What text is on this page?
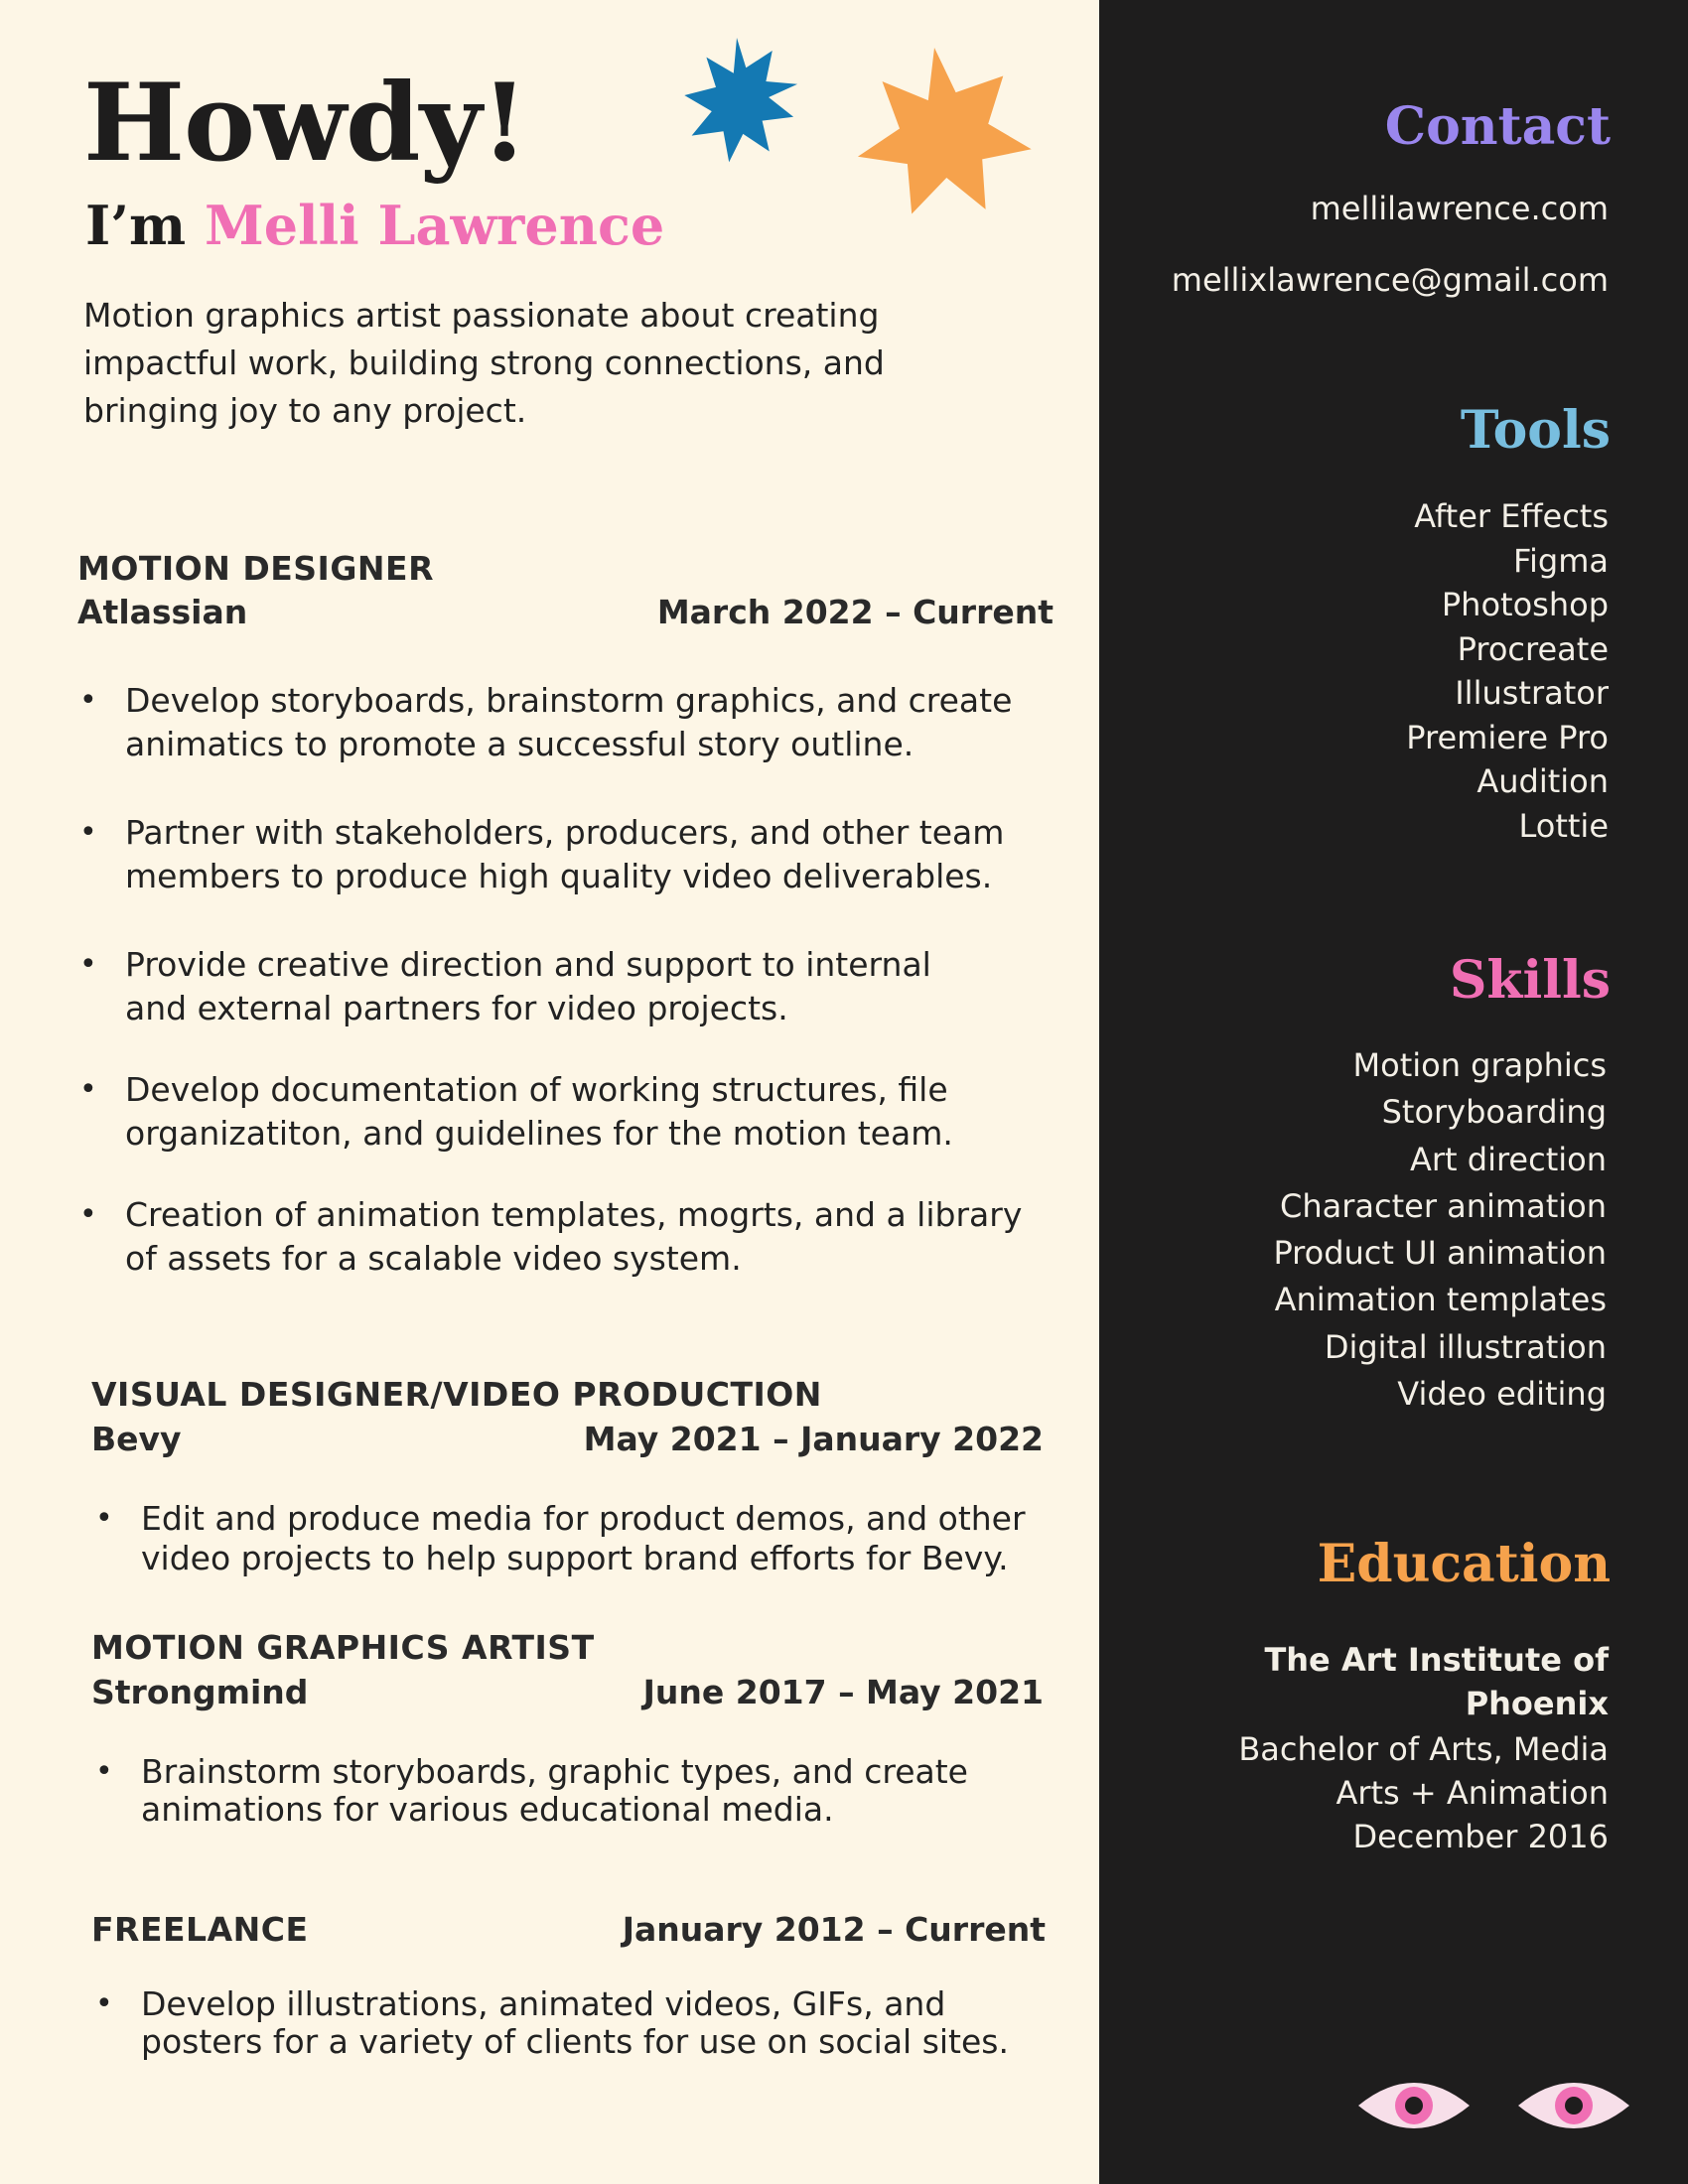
Howdy!
I’m Melli Lawrence
Motion graphics artist passionate about creating impactful work, building strong connections, and bringing joy to any project.
MOTION DESIGNER
Atlassian	March 2022 – Current
• Develop storyboards, brainstorm graphics, and create
animatics to promote a successful story outline.
• Partner with stakeholders, producers, and other team
members to produce high quality video deliverables.
• Provide creative direction and support to internal
and external partners for video projects.
• Develop documentation of working structures, file
organizatiton, and guidelines for the motion team.
• Creation of animation templates, mogrts, and a library
of assets for a scalable video system.
VISUAL DESIGNER/VIDEO PRODUCTION
Bevy	May 2021 – January 2022
• Edit and produce media for product demos, and other
video projects to help support brand efforts for Bevy.
MOTION GRAPHICS ARTIST
Strongmind	June 2017 – May 2021
• Brainstorm storyboards, graphic types, and create
animations for various educational media.
FREELANCE	January 2012 – Current
• Develop illustrations, animated videos, GIFs, and
posters for a variety of clients for use on social sites.
Contact
mellilawrence.com
mellixlawrence@gmail.com
Tools
After Effects
Figma
Photoshop
Procreate
Illustrator
Premiere Pro
Audition
Lottie
Skills
Motion graphics
Storyboarding
Art direction
Character animation
Product UI animation
Animation templates
Digital illustration
Video editing
Education
The Art Institute of
Phoenix
Bachelor of Arts, Media
Arts + Animation
December 2016
